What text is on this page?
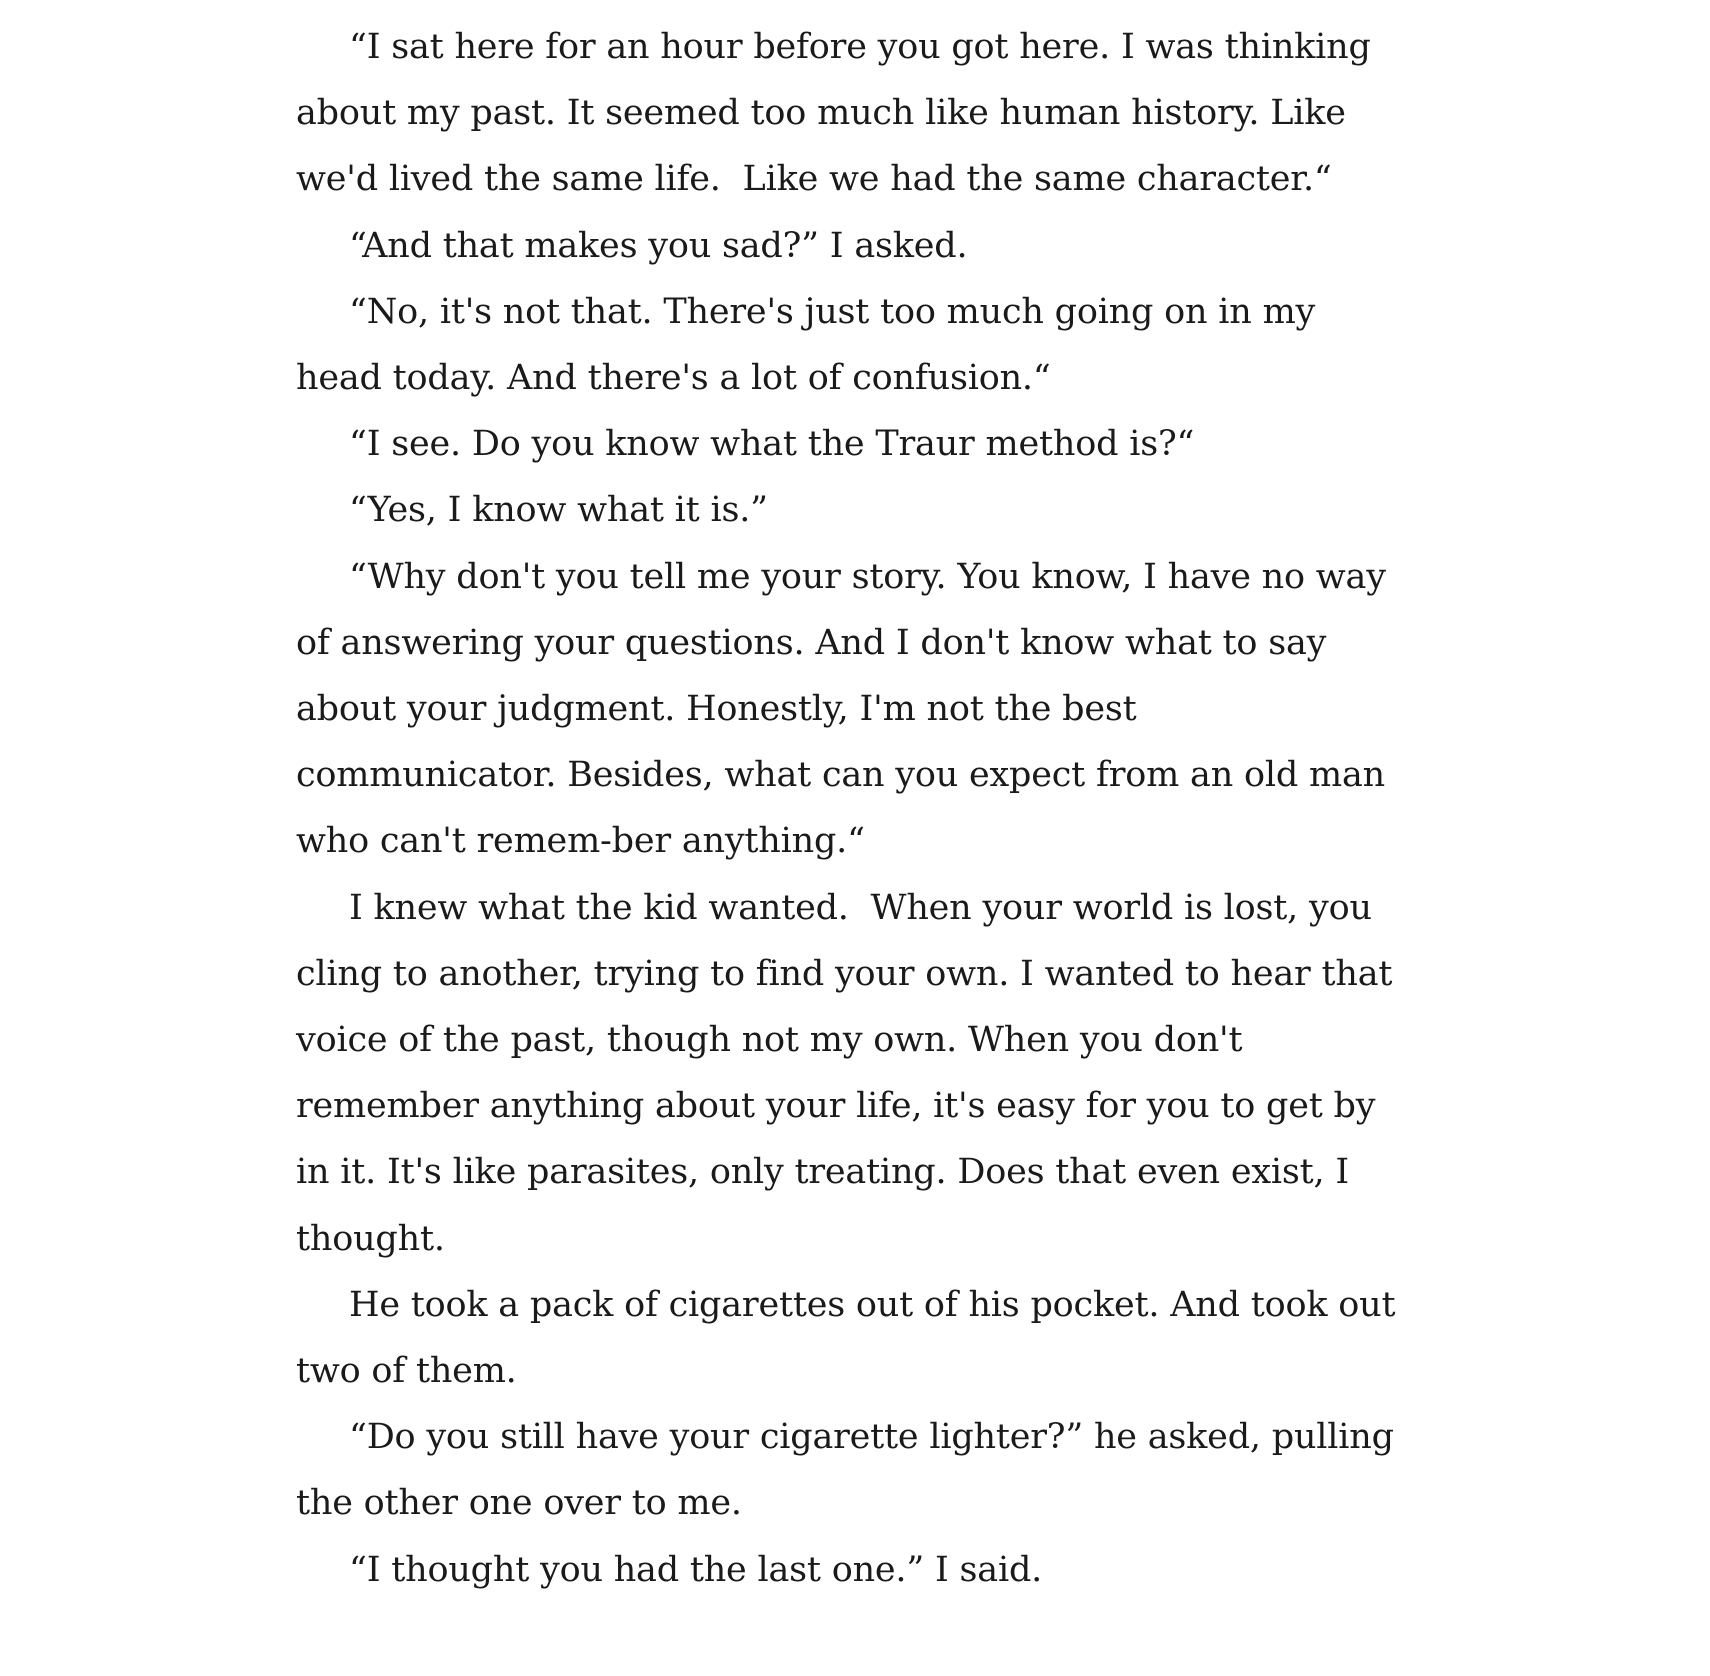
“I sat here for an hour before you got here. I was thinking about my past. It seemed too much like human history. Like we'd lived the same life.  Like we had the same character.“

“And that makes you sad?” I asked.

“No, it's not that. There's just too much going on in my head today. And there's a lot of confusion.“

“I see. Do you know what the Traur method is?“

“Yes, I know what it is.”

“Why don't you tell me your story. You know, I have no way of answering your questions. And I don't know what to say about your judgment. Honestly, I'm not the best communicator. Besides, what can you expect from an old man who can't remem-ber anything.“

I knew what the kid wanted.  When your world is lost, you cling to another, trying to find your own. I wanted to hear that voice of the past, though not my own. When you don't remember anything about your life, it's easy for you to get by in it. It's like parasites, only treating. Does that even exist, I thought.

He took a pack of cigarettes out of his pocket. And took out two of them.

“Do you still have your cigarette lighter?” he asked, pulling the other one over to me.

“I thought you had the last one.” I said.
